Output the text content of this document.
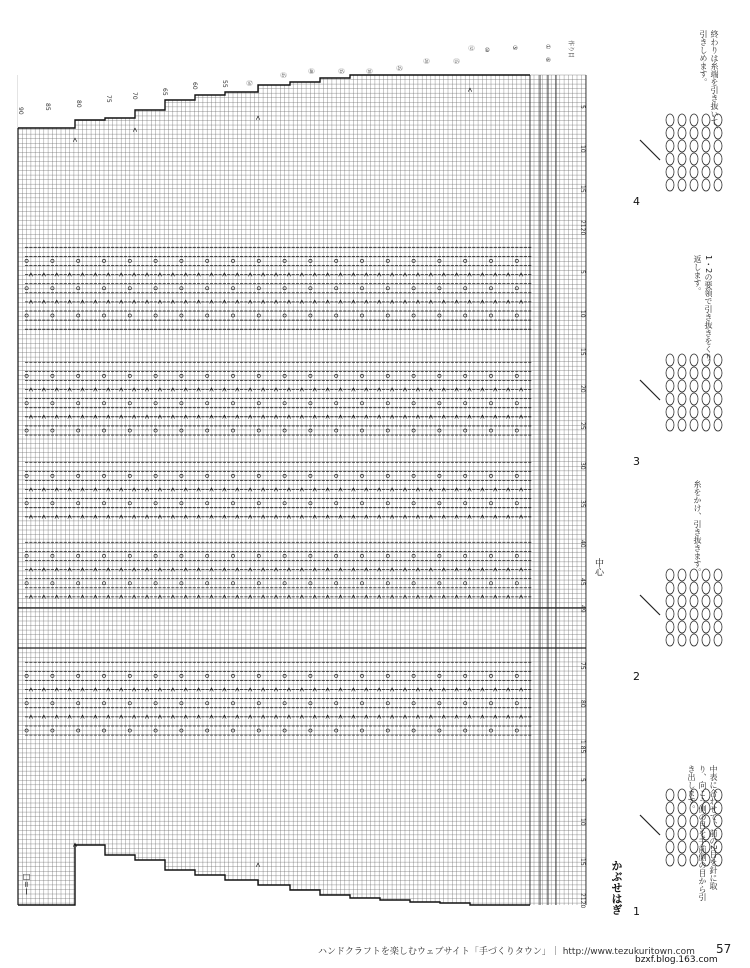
作り目
①
⑥
⑤
⑩
⑫
⑮
⑳
㉕
㉚
㉟
㊵
㊺
㊿
55
60
65
70
75
80
85
90
5
10
15
2120
5
10
15
20
25
30
35
40
45
49
75
80
1 85
5
10
15
2120
中心
□=Ⅰ	かぶせはぎ 1
中表に合わせて、前の2目を針に取り、向こう側の目を手前側の目から引き出します。
2
糸をかけ、引き抜きます。
3
1・2の要領で引き抜きをくり返します。
4
終わりは糸端を引き抜いて、引きしめます。
ハンドクラフトを楽しむウェブサイト「手づくりタウン」｜ http://www.tezukuritown.com 57
bzxf.blog.163.com
